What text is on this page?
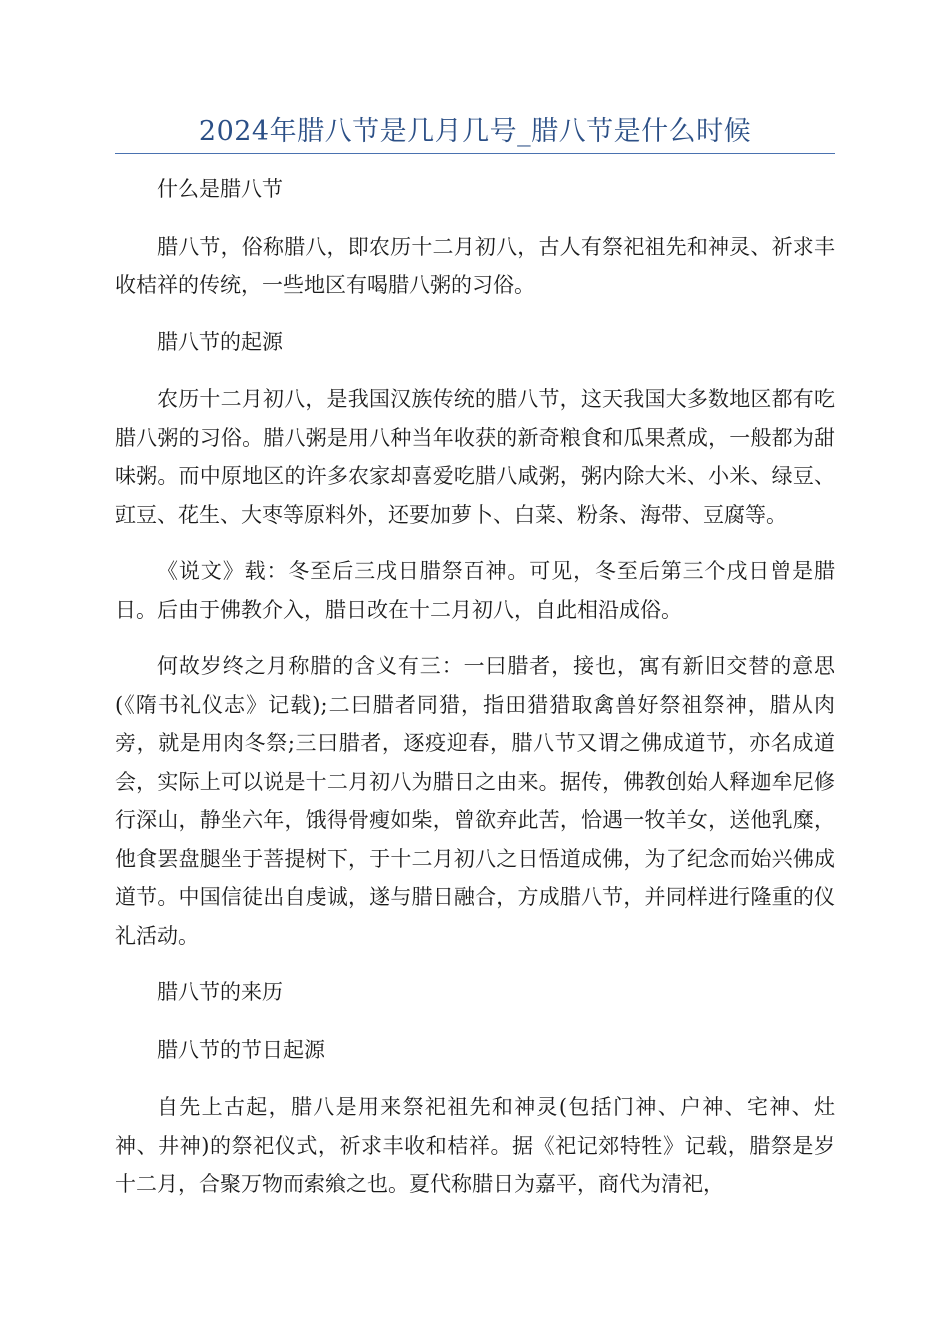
2024年腊八节是几月几号_腊八节是什么时候

什么是腊八节

腊八节，俗称腊八，即农历十二月初八，古人有祭祀祖先和神灵、祈求丰收桔祥的传统，一些地区有喝腊八粥的习俗。

腊八节的起源

农历十二月初八，是我国汉族传统的腊八节，这天我国大多数地区都有吃腊八粥的习俗。腊八粥是用八种当年收获的新奇粮食和瓜果煮成，一般都为甜味粥。而中原地区的许多农家却喜爱吃腊八咸粥，粥内除大米、小米、绿豆、豇豆、花生、大枣等原料外，还要加萝卜、白菜、粉条、海带、豆腐等。

《说文》载：冬至后三戌日腊祭百神。可见，冬至后第三个戌日曾是腊日。后由于佛教介入，腊日改在十二月初八，自此相沿成俗。

何故岁终之月称腊的含义有三：一曰腊者，接也，寓有新旧交替的意思(《隋书礼仪志》记载);二曰腊者同猎，指田猎猎取禽兽好祭祖祭神，腊从肉旁，就是用肉冬祭;三曰腊者，逐疫迎春，腊八节又谓之佛成道节，亦名成道会，实际上可以说是十二月初八为腊日之由来。据传，佛教创始人释迦牟尼修行深山，静坐六年，饿得骨瘦如柴，曾欲弃此苦，恰遇一牧羊女，送他乳糜，他食罢盘腿坐于菩提树下，于十二月初八之日悟道成佛，为了纪念而始兴佛成道节。中国信徒出自虔诚，遂与腊日融合，方成腊八节，并同样进行隆重的仪礼活动。

腊八节的来历

腊八节的节日起源

自先上古起，腊八是用来祭祀祖先和神灵(包括门神、户神、宅神、灶神、井神)的祭祀仪式，祈求丰收和桔祥。据《祀记郊特牲》记载，腊祭是岁十二月，合聚万物而索飨之也。夏代称腊日为嘉平，商代为清祀，
